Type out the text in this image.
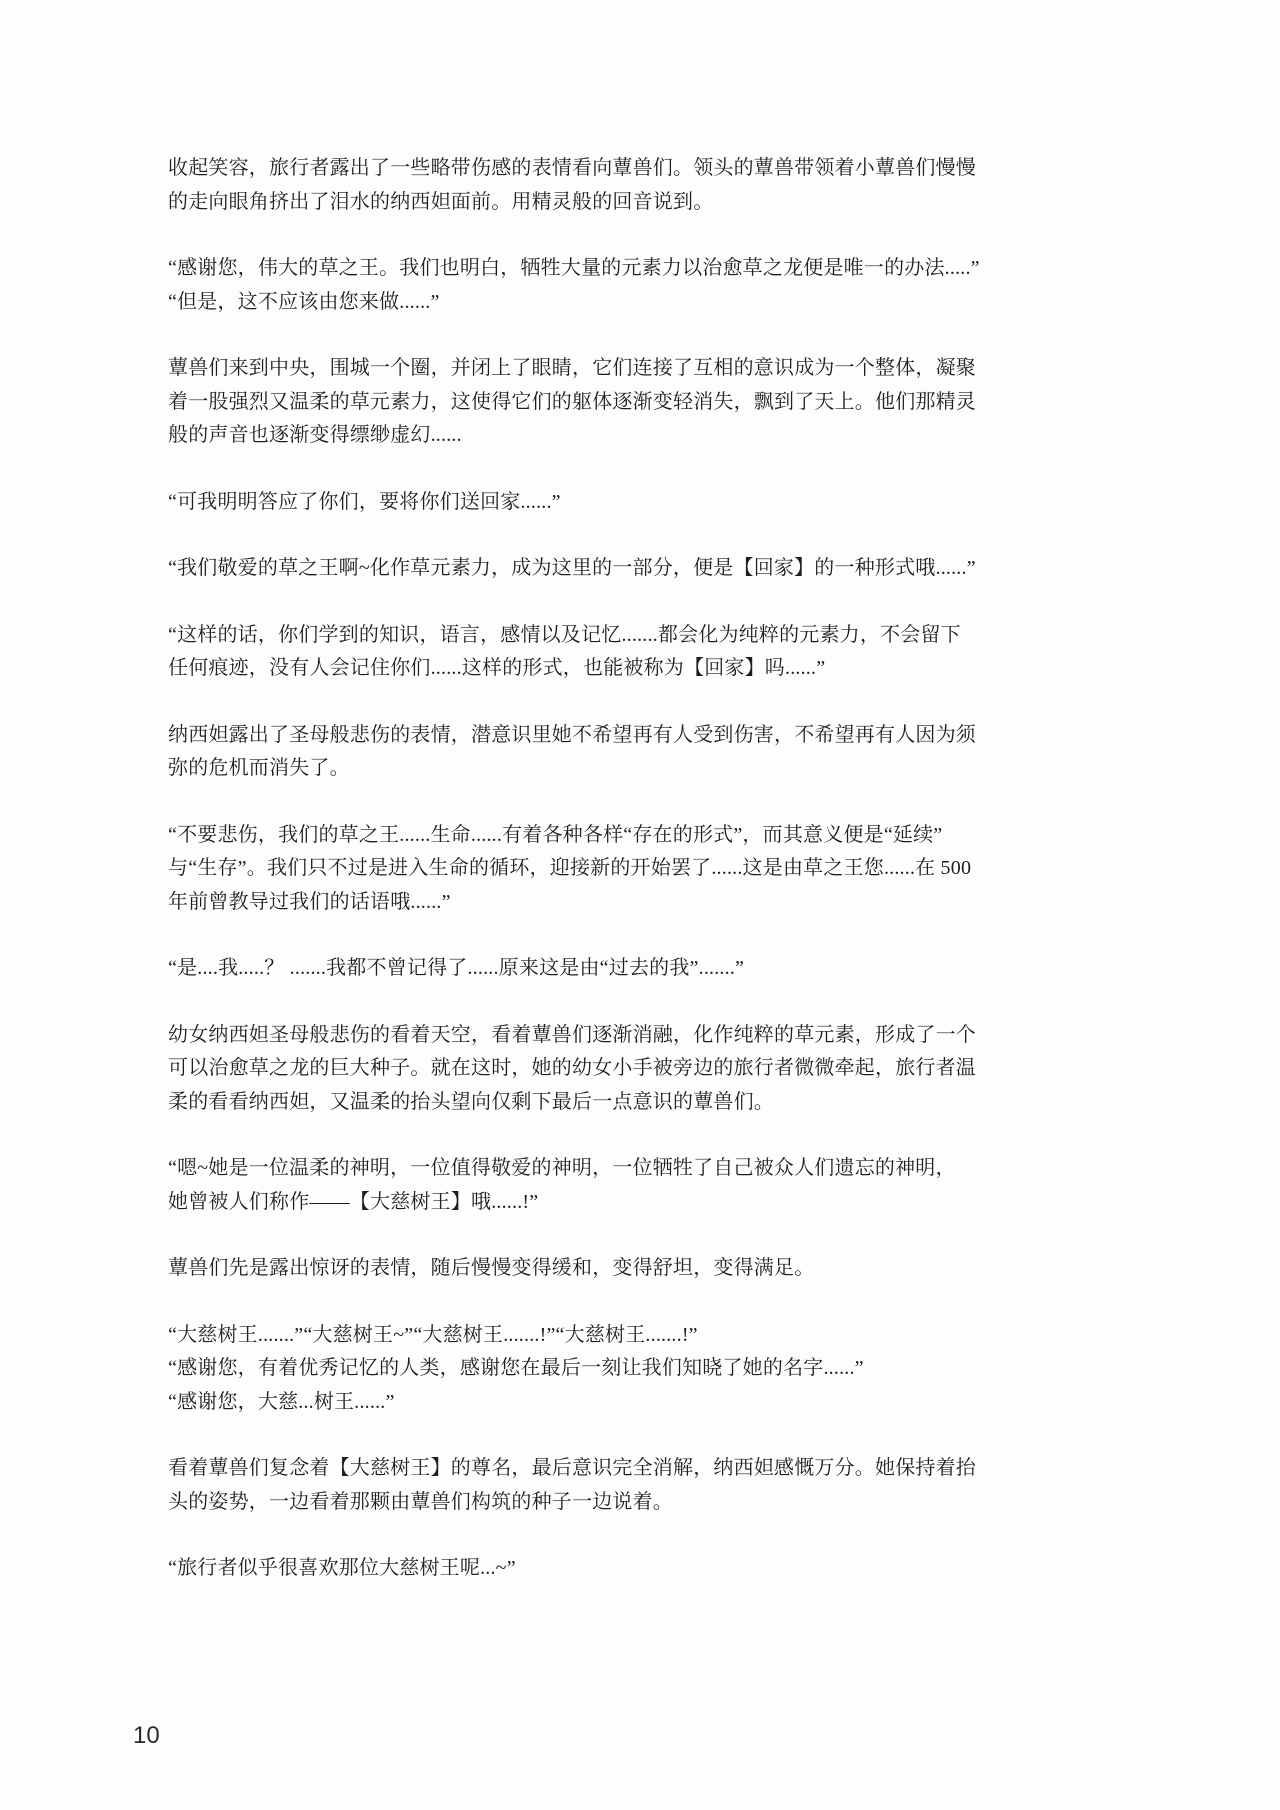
收起笑容，旅行者露出了一些略带伤感的表情看向蕈兽们。领头的蕈兽带领着小蕈兽们慢慢
的走向眼角挤出了泪水的纳西妲面前。用精灵般的回音说到。

“感谢您，伟大的草之王。我们也明白，牺牲大量的元素力以治愈草之龙便是唯一的办法.....”
“但是，这不应该由您来做......”

蕈兽们来到中央，围城一个圈，并闭上了眼睛，它们连接了互相的意识成为一个整体，凝聚
着一股强烈又温柔的草元素力，这使得它们的躯体逐渐变轻消失，飘到了天上。他们那精灵
般的声音也逐渐变得缥缈虚幻......

“可我明明答应了你们，要将你们送回家......”

“我们敬爱的草之王啊~化作草元素力，成为这里的一部分，便是【回家】的一种形式哦......”

“这样的话，你们学到的知识，语言，感情以及记忆.......都会化为纯粹的元素力，不会留下
任何痕迹，没有人会记住你们......这样的形式，也能被称为【回家】吗......”

纳西妲露出了圣母般悲伤的表情，潜意识里她不希望再有人受到伤害，不希望再有人因为须
弥的危机而消失了。

“不要悲伤，我们的草之王......生命......有着各种各样“存在的形式”，而其意义便是“延续”
与“生存”。我们只不过是进入生命的循环，迎接新的开始罢了......这是由草之王您......在 500
年前曾教导过我们的话语哦......”

“是....我.....？ .......我都不曾记得了......原来这是由“过去的我”.......”

幼女纳西妲圣母般悲伤的看着天空，看着蕈兽们逐渐消融，化作纯粹的草元素，形成了一个
可以治愈草之龙的巨大种子。就在这时，她的幼女小手被旁边的旅行者微微牵起，旅行者温
柔的看看纳西妲，又温柔的抬头望向仅剩下最后一点意识的蕈兽们。

“嗯~她是一位温柔的神明，一位值得敬爱的神明，一位牺牲了自己被众人们遗忘的神明，
她曾被人们称作——【大慈树王】哦......!”

蕈兽们先是露出惊讶的表情，随后慢慢变得缓和，变得舒坦，变得满足。

“大慈树王.......”“大慈树王~”“大慈树王.......!”“大慈树王.......!”
“感谢您，有着优秀记忆的人类，感谢您在最后一刻让我们知晓了她的名字......”
“感谢您，大慈...树王......”

看着蕈兽们复念着【大慈树王】的尊名，最后意识完全消解，纳西妲感慨万分。她保持着抬
头的姿势，一边看着那颗由蕈兽们构筑的种子一边说着。

“旅行者似乎很喜欢那位大慈树王呢...~”

10
